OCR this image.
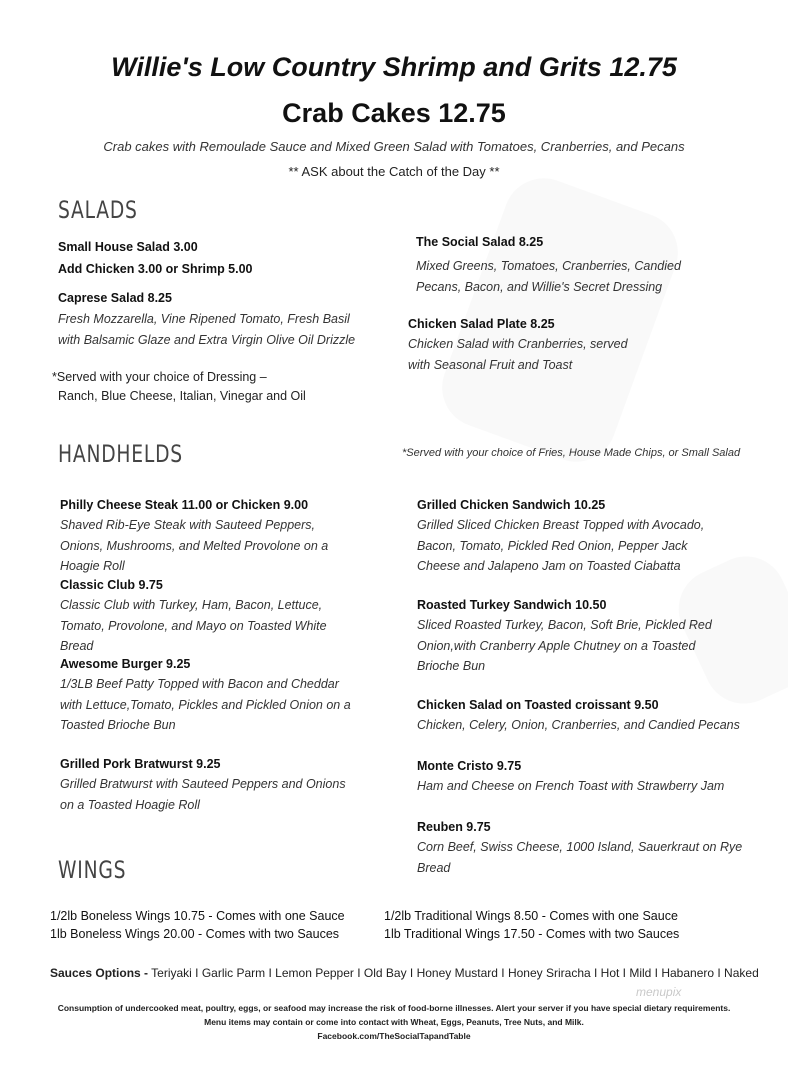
Willie's Low Country Shrimp and Grits 12.75
Crab Cakes 12.75

Crab cakes with Remoulade Sauce and Mixed Green Salad with Tomatoes, Cranberries, and Pecans

** ASK about the Catch of the Day **

SALADS
Small House Salad 3.00
Add Chicken 3.00 or Shrimp 5.00
Caprese Salad 8.25
Fresh Mozzarella, Vine Ripened Tomato, Fresh Basil with Balsamic Glaze and Extra Virgin Olive Oil Drizzle
*Served with your choice of Dressing –
Ranch, Blue Cheese, Italian, Vinegar and Oil
The Social Salad 8.25
Mixed Greens, Tomatoes, Cranberries, Candied Pecans, Bacon, and Willie's Secret Dressing
Chicken Salad Plate 8.25
Chicken Salad with Cranberries, served with Seasonal Fruit and Toast
HANDHELDS	*Served with your choice of Fries, House Made Chips, or Small Salad
Philly Cheese Steak 11.00 or Chicken 9.00
Shaved Rib-Eye Steak with Sauteed Peppers, Onions, Mushrooms, and Melted Provolone on a Hoagie Roll
Classic Club 9.75
Classic Club with Turkey, Ham, Bacon, Lettuce, Tomato, Provolone, and Mayo on Toasted White Bread
Awesome Burger 9.25
1/3LB Beef Patty Topped with Bacon and Cheddar with Lettuce,Tomato, Pickles and Pickled Onion on a Toasted Brioche Bun
Grilled Pork Bratwurst 9.25
Grilled Bratwurst with Sauteed Peppers and Onions on a Toasted Hoagie Roll
Grilled Chicken Sandwich 10.25
Grilled Sliced Chicken Breast Topped with Avocado, Bacon, Tomato, Pickled Red Onion, Pepper Jack Cheese and Jalapeno Jam on Toasted Ciabatta
Roasted Turkey Sandwich 10.50
Sliced Roasted Turkey, Bacon, Soft Brie, Pickled Red Onion,with Cranberry Apple Chutney on a Toasted Brioche Bun
Chicken Salad on Toasted croissant 9.50
Chicken, Celery, Onion, Cranberries, and Candied Pecans
Monte Cristo 9.75
Ham and Cheese on French Toast with Strawberry Jam
Reuben 9.75
Corn Beef, Swiss Cheese, 1000 Island, Sauerkraut on Rye Bread
WINGS
1/2lb Boneless Wings 10.75 - Comes with one Sauce
1lb Boneless Wings 20.00 - Comes with two Sauces
1/2lb Traditional Wings 8.50 - Comes with one Sauce
1lb Traditional Wings 17.50 - Comes with two Sauces
Sauces Options - Teriyaki I Garlic Parm I Lemon Pepper I Old Bay I Honey Mustard I Honey Sriracha I Hot I Mild I Habanero I Naked
Consumption of undercooked meat, poultry, eggs, or seafood may increase the risk of food-borne illnesses. Alert your server if you have special dietary requirements.
Menu items may contain or come into contact with Wheat, Eggs, Peanuts, Tree Nuts, and Milk.
Facebook.com/TheSocialTapandTable
menupix
